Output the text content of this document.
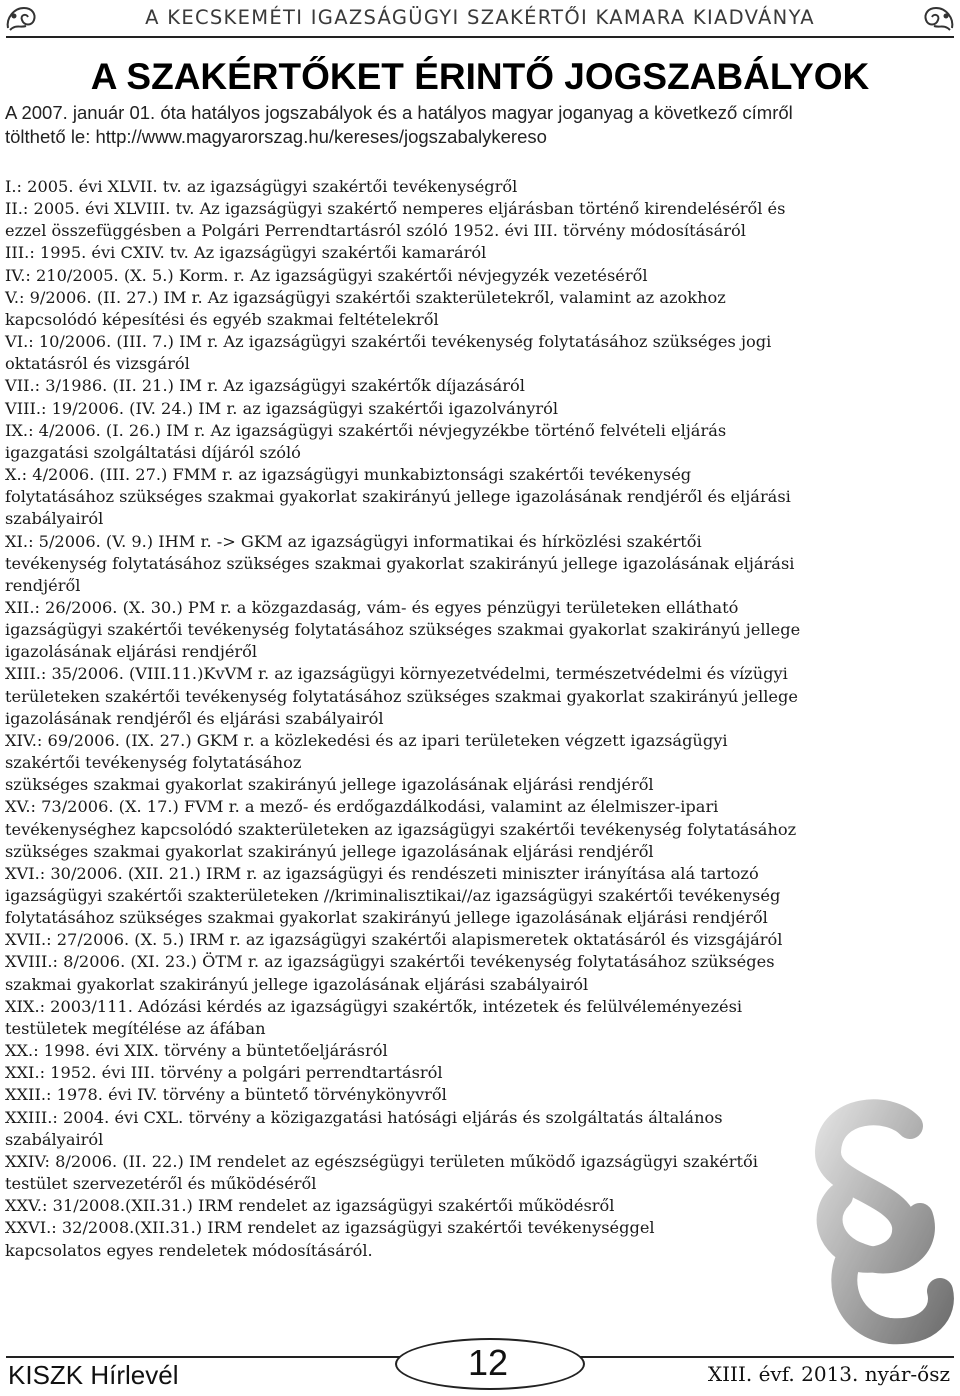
A KECSKEMÉTI IGAZSÁGÜGYI SZAKÉRTŐI KAMARA KIADVÁNYA
A SZAKÉRTŐKET ÉRINTŐ JOGSZABÁLYOK
A 2007. január 01. óta hatályos jogszabályok és a hatályos magyar joganyag a következő címről
tölthető le: http://www.magyarorszag.hu/kereses/jogszabalykereso
I.: 2005. évi XLVII. tv. az igazságügyi szakértői tevékenységről
II.: 2005. évi XLVIII. tv. Az igazságügyi szakértő nemperes eljárásban történő kirendeléséről és
ezzel összefüggésben a Polgári Perrendtartásról szóló 1952. évi III. törvény módosításáról
III.: 1995. évi CXIV. tv. Az igazságügyi szakértői kamaráról
IV.: 210/2005. (X. 5.) Korm. r. Az igazságügyi szakértői névjegyzék vezetéséről
V.: 9/2006. (II. 27.) IM r. Az igazságügyi szakértői szakterületekről, valamint az azokhoz
kapcsolódó képesítési és egyéb szakmai feltételekről
VI.: 10/2006. (III. 7.) IM r. Az igazságügyi szakértői tevékenység folytatásához szükséges jogi
oktatásról és vizsgáról
VII.: 3/1986. (II. 21.) IM r. Az igazságügyi szakértők díjazásáról
VIII.: 19/2006. (IV. 24.) IM r. az igazságügyi szakértői igazolványról
IX.: 4/2006. (I. 26.) IM r. Az igazságügyi szakértői névjegyzékbe történő felvételi eljárás
igazgatási szolgáltatási díjáról szóló
X.: 4/2006. (III. 27.) FMM r. az igazságügyi munkabiztonsági szakértői tevékenység
folytatásához szükséges szakmai gyakorlat szakirányú jellege igazolásának rendjéről és eljárási
szabályairól
XI.: 5/2006. (V. 9.) IHM r. -> GKM az igazságügyi informatikai és hírközlési szakértői
tevékenység folytatásához szükséges szakmai gyakorlat szakirányú jellege igazolásának eljárási
rendjéről
XII.: 26/2006. (X. 30.) PM r. a közgazdaság, vám- és egyes pénzügyi területeken ellátható
igazságügyi szakértői tevékenység folytatásához szükséges szakmai gyakorlat szakirányú jellege
igazolásának eljárási rendjéről
XIII.: 35/2006. (VIII.11.)KvVM r. az igazságügyi környezetvédelmi, természetvédelmi és vízügyi
területeken szakértői tevékenység folytatásához szükséges szakmai gyakorlat szakirányú jellege
igazolásának rendjéről és eljárási szabályairól
XIV.: 69/2006. (IX. 27.) GKM r. a közlekedési és az ipari területeken végzett igazságügyi
szakértői tevékenység folytatásához
szükséges szakmai gyakorlat szakirányú jellege igazolásának eljárási rendjéről
XV.: 73/2006. (X. 17.) FVM r. a mező- és erdőgazdálkodási, valamint az élelmiszer-ipari
tevékenységhez kapcsolódó szakterületeken az igazságügyi szakértői tevékenység folytatásához
szükséges szakmai gyakorlat szakirányú jellege igazolásának eljárási rendjéről
XVI.: 30/2006. (XII. 21.) IRM r. az igazságügyi és rendészeti miniszter irányítása alá tartozó
igazságügyi szakértői szakterületeken //kriminalisztikai//az igazságügyi szakértői tevékenység
folytatásához szükséges szakmai gyakorlat szakirányú jellege igazolásának eljárási rendjéről
XVII.: 27/2006. (X. 5.) IRM r. az igazságügyi szakértői alapismeretek oktatásáról és vizsgájáról
XVIII.: 8/2006. (XI. 23.) ÖTM r. az igazságügyi szakértői tevékenység folytatásához szükséges
szakmai gyakorlat szakirányú jellege igazolásának eljárási szabályairól
XIX.: 2003/111. Adózási kérdés az igazságügyi szakértők, intézetek és felülvéleményezési
testületek megítélése az áfában
XX.: 1998. évi XIX. törvény a büntetőeljárásról
XXI.: 1952. évi III. törvény a polgári perrendtartásról
XXII.: 1978. évi IV. törvény a büntető törvénykönyvről
XXIII.: 2004. évi CXL. törvény a közigazgatási hatósági eljárás és szolgáltatás általános
szabályairól
XXIV: 8/2006. (II. 22.) IM rendelet az egészségügyi területen működő igazságügyi szakértői
testület szervezetéről és működéséről
XXV.: 31/2008.(XII.31.) IRM rendelet az igazságügyi szakértői működésről
XXVI.: 32/2008.(XII.31.) IRM rendelet az igazságügyi szakértői tevékenységgel
kapcsolatos egyes rendeletek módosításáról.
KISZK Hírlevél	12	XIII. évf. 2013. nyár-ősz
